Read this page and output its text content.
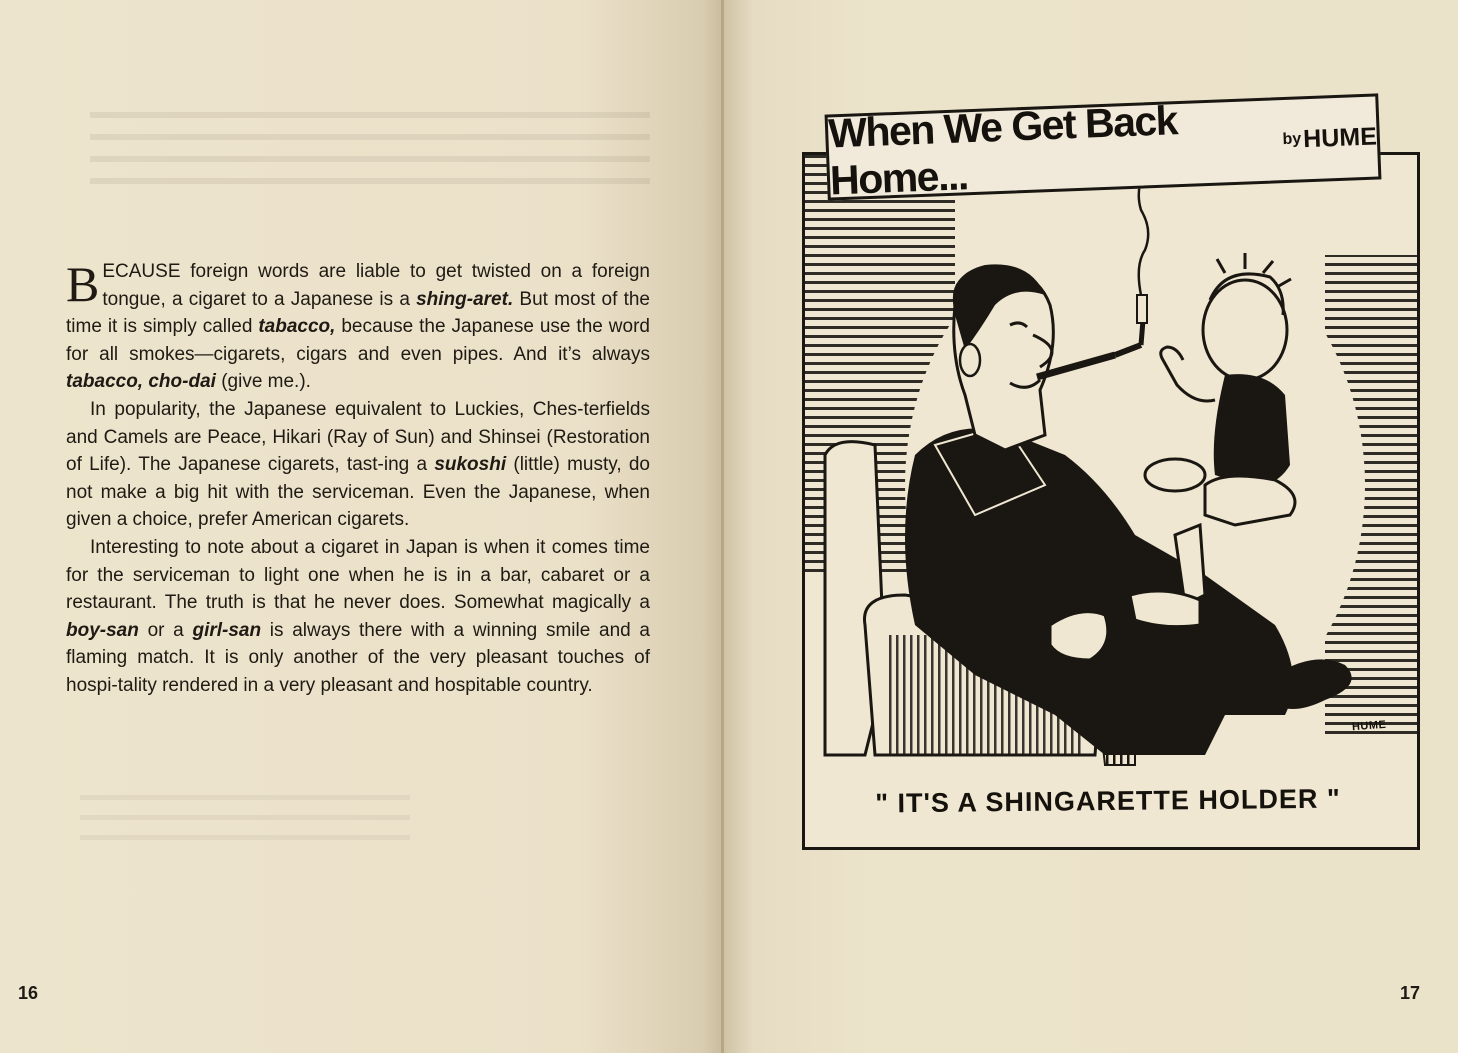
BECAUSE foreign words are liable to get twisted on a foreign tongue, a cigaret to a Japanese is a shing-aret. But most of the time it is simply called tabacco, because the Japanese use the word for all smokes—cigarets, cigars and even pipes. And it’s always tabacco, cho-dai (give me.).

In popularity, the Japanese equivalent to Luckies, Ches-terfields and Camels are Peace, Hikari (Ray of Sun) and Shinsei (Restoration of Life). The Japanese cigarets, tast-ing a sukoshi (little) musty, do not make a big hit with the serviceman. Even the Japanese, when given a choice, prefer American cigarets.

Interesting to note about a cigaret in Japan is when it comes time for the serviceman to light one when he is in a bar, cabaret or a restaurant. The truth is that he never does. Somewhat magically a boy-san or a girl-san is always there with a winning smile and a flaming match. It is only another of the very pleasant touches of hospi-tality rendered in a very pleasant and hospitable country.

16
When We Get Back Home...
by HUME
HUME
" IT'S A SHINGARETTE HOLDER "
17
